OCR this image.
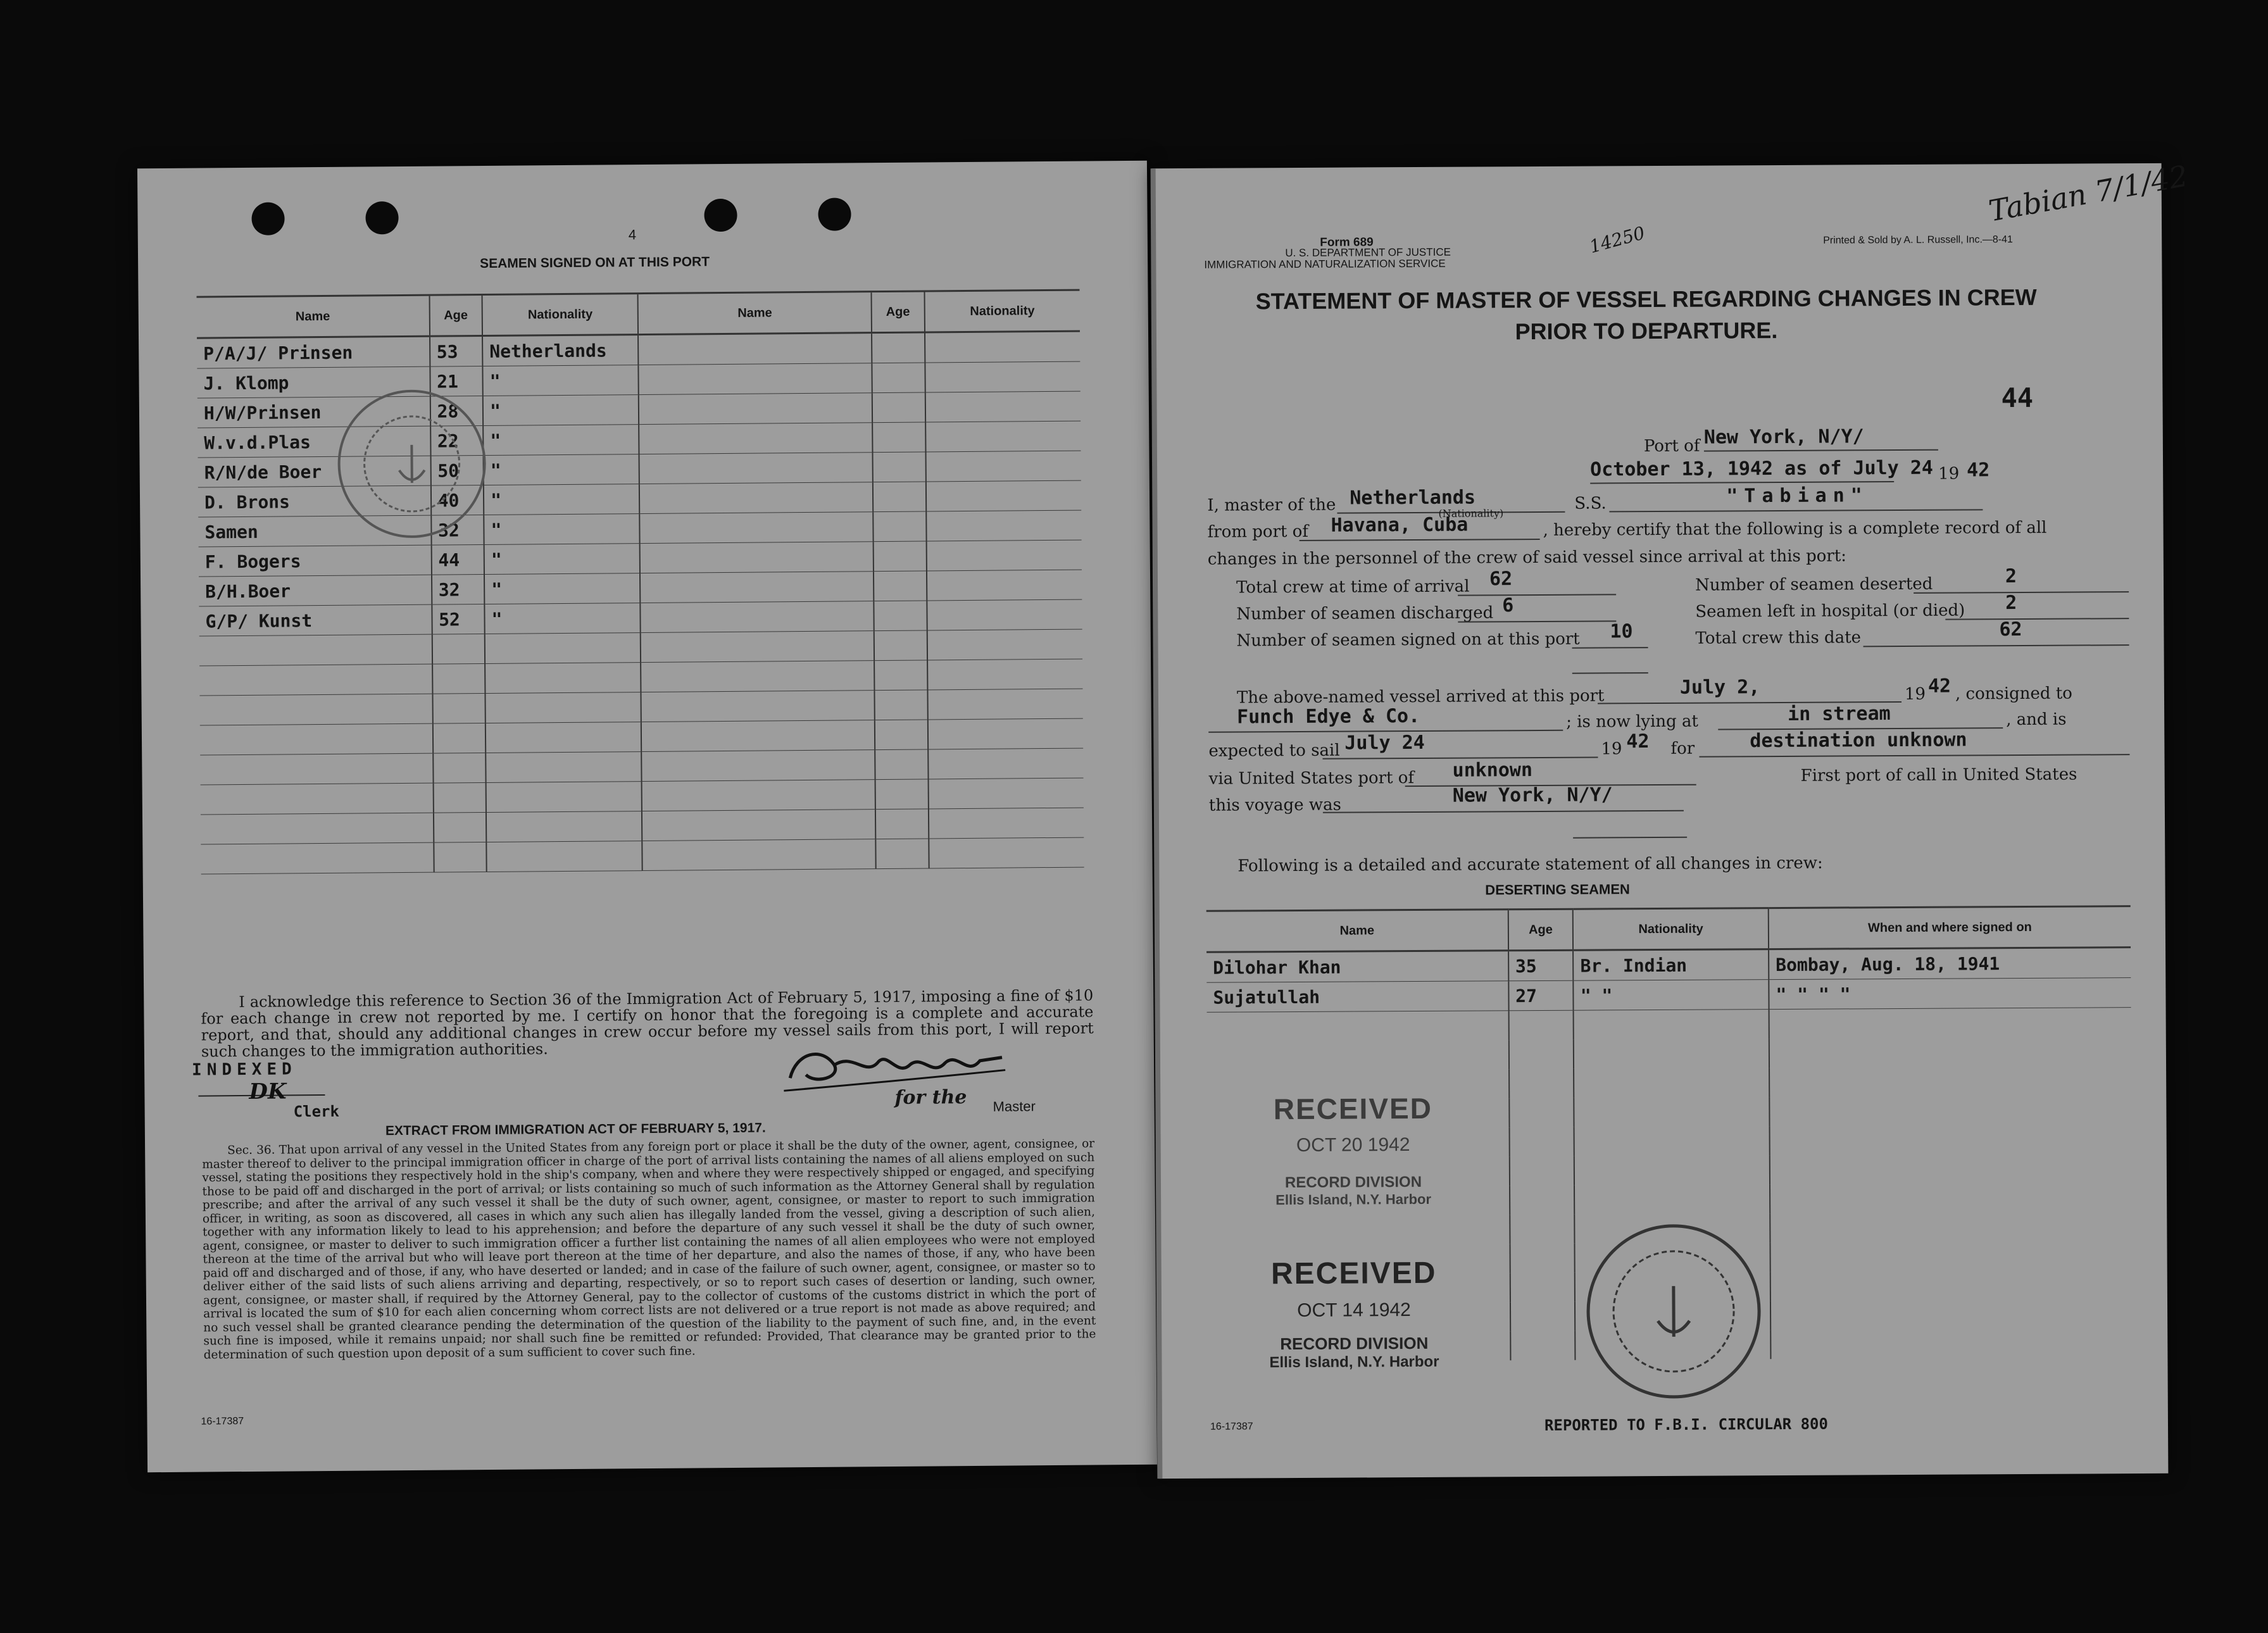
4
SEAMEN SIGNED ON AT THIS PORT
Name	Age	Nationality	Name	Age	Nationality
P/A/J/ Prinsen	53	Netherlands			
J. Klomp	21	"			
H/W/Prinsen	28	"			
W.v.d.Plas	22	"			
R/N/de Boer	50	"			
D. Brons	40	"			
Samen	32	"			
F. Bogers	44	"			
B/H.Boer	32	"			
G/P/ Kunst	52	"			

I acknowledge this reference to Section 36 of the Immigration Act of February 5, 1917, imposing a fine of $10 for each change in crew not reported by me. I certify on honor that the foregoing is a complete and accurate report, and that, should any additional changes in crew occur before my vessel sails from this port, I will report such changes to the immigration authorities.
INDEXED
DK
Clerk
for the Master
EXTRACT FROM IMMIGRATION ACT OF FEBRUARY 5, 1917.
Sec. 36. That upon arrival of any vessel in the United States from any foreign port or place it shall be the duty of the owner, agent, consignee, or master thereof to deliver to the principal immigration officer in charge of the port of arrival lists containing the names of all aliens employed on such vessel, stating the positions they respectively hold in the ship's company, when and where they were respectively shipped or engaged, and specifying those to be paid off and discharged in the port of arrival; or lists containing so much of such information as the Attorney General shall by regulation prescribe; and after the arrival of any such vessel it shall be the duty of such owner, agent, consignee, or master to report to such immigration officer, in writing, as soon as discovered, all cases in which any such alien has illegally landed from the vessel, giving a description of such alien, together with any information likely to lead to his apprehension; and before the departure of any such vessel it shall be the duty of such owner, agent, consignee, or master to deliver to such immigration officer a further list containing the names of all alien employees who were not employed thereon at the time of the arrival but who will leave port thereon at the time of her departure, and also the names of those, if any, who have been paid off and discharged and of those, if any, who have deserted or landed; and in case of the failure of such owner, agent, consignee, or master so to deliver either of the said lists of such aliens arriving and departing, respectively, or so to report such cases of desertion or landing, such owner, agent, consignee, or master shall, if required by the Attorney General, pay to the collector of customs of the customs district in which the port of arrival is located the sum of $10 for each alien concerning whom correct lists are not delivered or a true report is not made as above required; and no such vessel shall be granted clearance pending the determination of the question of the liability to the payment of such fine, and, in the event such fine is imposed, while it remains unpaid; nor shall such fine be remitted or refunded: Provided, That clearance may be granted prior to the determination of such question upon deposit of a sum sufficient to cover such fine.
16-17387
Form 689
U. S. DEPARTMENT OF JUSTICE
IMMIGRATION AND NATURALIZATION SERVICE
Printed & Sold by A. L. Russell, Inc.—8-41
14250
Tabian 7/1/42
STATEMENT OF MASTER OF VESSEL REGARDING CHANGES IN CREW
PRIOR TO DEPARTURE.
44
Port of New York, N/Y/
October 13, 1942 as of July 24 19 42
I, master of the Netherlands	S.S.	"Tabian"
from port of Havana, Cuba
(Nationality)
, hereby certify that the following is a complete record of all
changes in the personnel of the crew of said vessel since arrival at this port:
Total crew at time of arrival 62
Number of seamen discharged 6
Number of seamen signed on at this port 10
Number of seamen deserted	2
Seamen left in hospital (or died) 2
Total crew this date	62
The above-named vessel arrived at this port	July 2,	19 42 , consigned to
Funch Edye & Co.	; is now lying at	in stream	, and is
expected to sail July 24	19 42 for	destination unknown
via United States port of unknown	First port of call in United States
this voyage was	New York, N/Y/
Following is a detailed and accurate statement of all changes in crew:
DESERTING SEAMEN
Name	Age	Nationality	When and where signed on
Dilohar Khan	35	Br. Indian	Bombay, Aug. 18, 1941
Sujatullah	27	" "	" " " "

RECEIVED
OCT 20 1942
RECORD DIVISION
Ellis Island, N.Y. Harbor
RECEIVED
OCT 14 1942
RECORD DIVISION
Ellis Island, N.Y. Harbor
16-17387	REPORTED TO F.B.I. CIRCULAR 800
